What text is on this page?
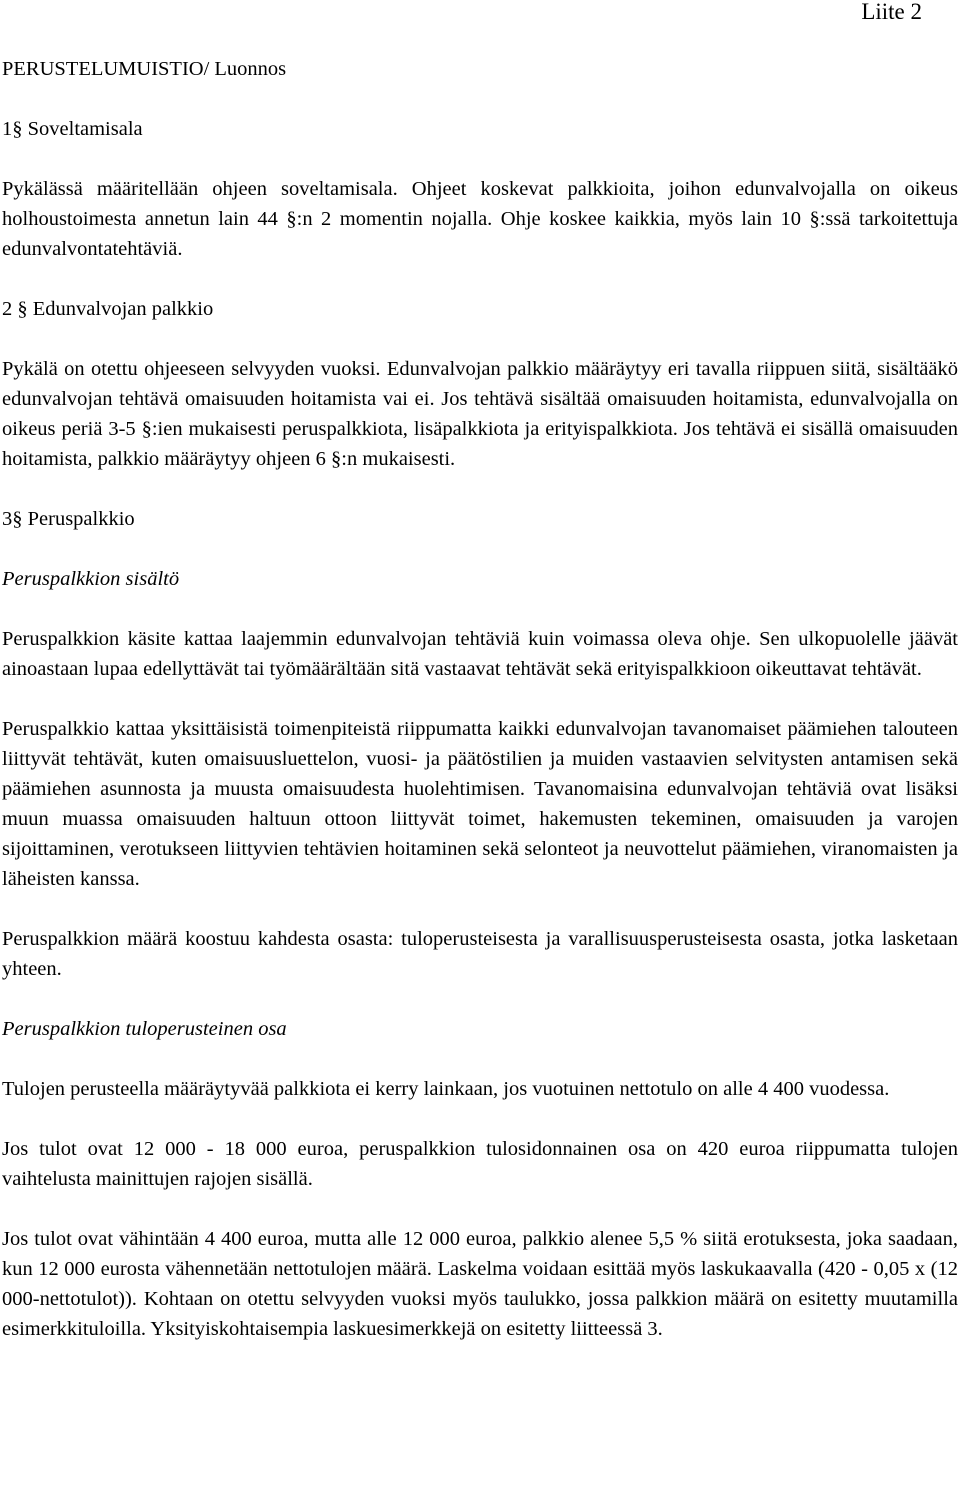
Liite 2
PERUSTELUMUISTIO/ Luonnos
1§ Soveltamisala

Pykälässä määritellään ohjeen soveltamisala. Ohjeet koskevat palkkioita, joihon edunvalvojalla on oikeus holhoustoimesta annetun lain 44 §:n 2 momentin nojalla. Ohje koskee kaikkia, myös lain 10 §:ssä tarkoitettuja edunvalvontatehtäviä.

2 § Edunvalvojan palkkio

Pykälä on otettu ohjeeseen selvyyden vuoksi. Edunvalvojan palkkio määräytyy eri tavalla riippuen siitä, sisältääkö edunvalvojan tehtävä omaisuuden hoitamista vai ei. Jos tehtävä sisältää omaisuuden hoitamista, edunvalvojalla on oikeus periä 3-5 §:ien mukaisesti peruspalkkiota, lisäpalkkiota ja erityispalkkiota. Jos tehtävä ei sisällä omaisuuden hoitamista, palkkio määräytyy ohjeen 6 §:n mukaisesti.

3§ Peruspalkkio
Peruspalkkion sisältö

Peruspalkkion käsite kattaa laajemmin edunvalvojan tehtäviä kuin voimassa oleva ohje. Sen ulkopuolelle jäävät ainoastaan lupaa edellyttävät tai työmäärältään sitä vastaavat tehtävät sekä erityispalkkioon oikeuttavat tehtävät.

Peruspalkkio kattaa yksittäisistä toimenpiteistä riippumatta kaikki edunvalvojan tavanomaiset päämiehen talouteen liittyvät tehtävät, kuten omaisuusluettelon, vuosi- ja päätöstilien ja muiden vastaavien selvitysten antamisen sekä päämiehen asunnosta ja muusta omaisuudesta huolehtimisen. Tavanomaisina edunvalvojan tehtäviä ovat lisäksi muun muassa omaisuuden haltuun ottoon liittyvät toimet, hakemusten tekeminen, omaisuuden ja varojen sijoittaminen, verotukseen liittyvien tehtävien hoitaminen sekä selonteot ja neuvottelut päämiehen, viranomaisten ja läheisten kanssa.

Peruspalkkion määrä koostuu kahdesta osasta: tuloperusteisesta ja varallisuusperusteisesta osasta, jotka lasketaan yhteen.

Peruspalkkion tuloperusteinen osa

Tulojen perusteella määräytyvää palkkiota ei kerry lainkaan, jos vuotuinen nettotulo on alle 4 400 vuodessa.

Jos tulot ovat 12 000 - 18 000 euroa, peruspalkkion tulosidonnainen osa on 420 euroa riippumatta tulojen vaihtelusta mainittujen rajojen sisällä.

Jos tulot ovat vähintään 4 400 euroa, mutta alle 12 000 euroa, palkkio alenee 5,5 % siitä erotuksesta, joka saadaan, kun 12 000 eurosta vähennetään nettotulojen määrä. Laskelma voidaan esittää myös laskukaavalla (420 - 0,05 x (12 000-nettotulot)). Kohtaan on otettu selvyyden vuoksi myös taulukko, jossa palkkion määrä on esitetty muutamilla esimerkkituloilla. Yksityiskohtaisempia laskuesimerkkejä on esitetty liitteessä 3.
